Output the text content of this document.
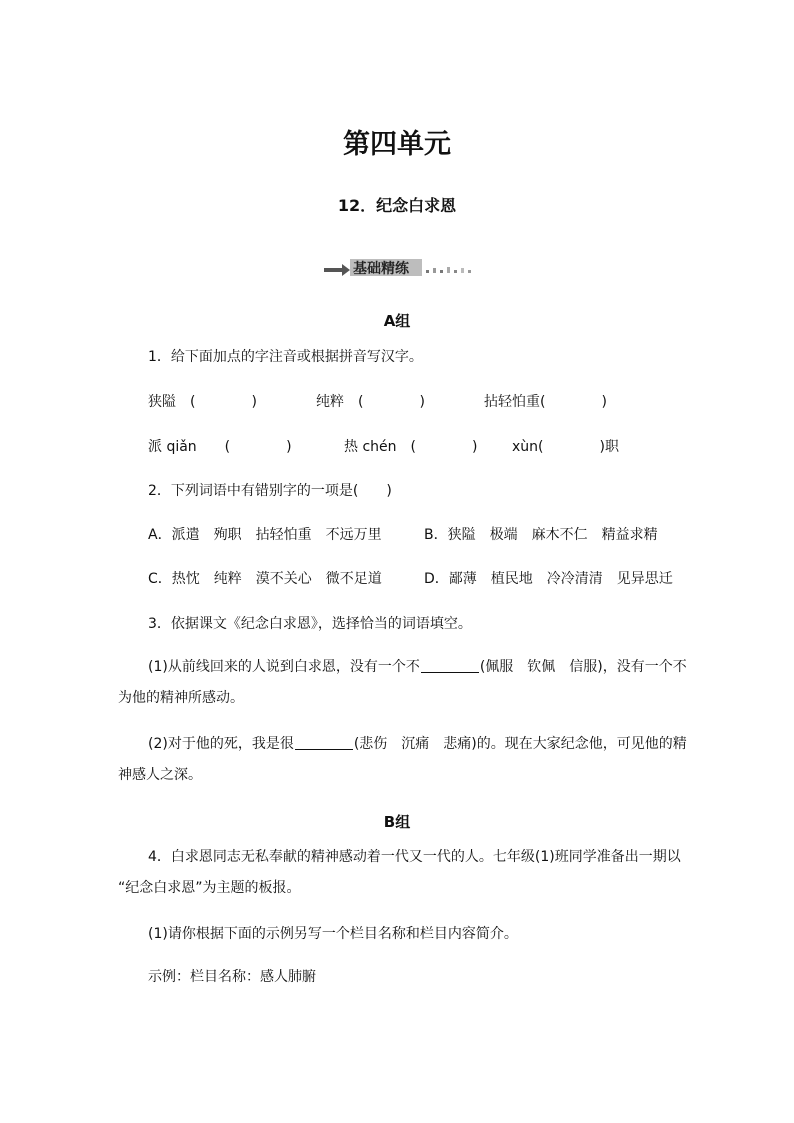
第四单元
12．纪念白求恩
基础精练
A组
1．给下面加点的字注音或根据拼音写汉字。
狭隘　(　　　　)	纯粹　(　　　　)	拈轻怕重(　　　　)
派 qiǎn　　(　　　　)	热 chén　(　　　　) xùn(　　　　)职
2．下列词语中有错别字的一项是(　　)
A．派遣　殉职　拈轻怕重　不远万里	B．狭隘　极端　麻木不仁　精益求精
C．热忱　纯粹　漠不关心　微不足道	D．鄙薄　植民地　冷冷清清　见异思迁
3．依据课文《纪念白求恩》，选择恰当的词语填空。
(1)从前线回来的人说到白求恩，没有一个不	(佩服　钦佩　信服)，没有一个不
为他的精神所感动。
(2)对于他的死，我是很	(悲伤　沉痛　悲痛)的。现在大家纪念他，可见他的精
神感人之深。
B组
4．白求恩同志无私奉献的精神感动着一代又一代的人。七年级(1)班同学准备出一期以
“纪念白求恩”为主题的板报。
(1)请你根据下面的示例另写一个栏目名称和栏目内容简介。
示例：栏目名称：感人肺腑
